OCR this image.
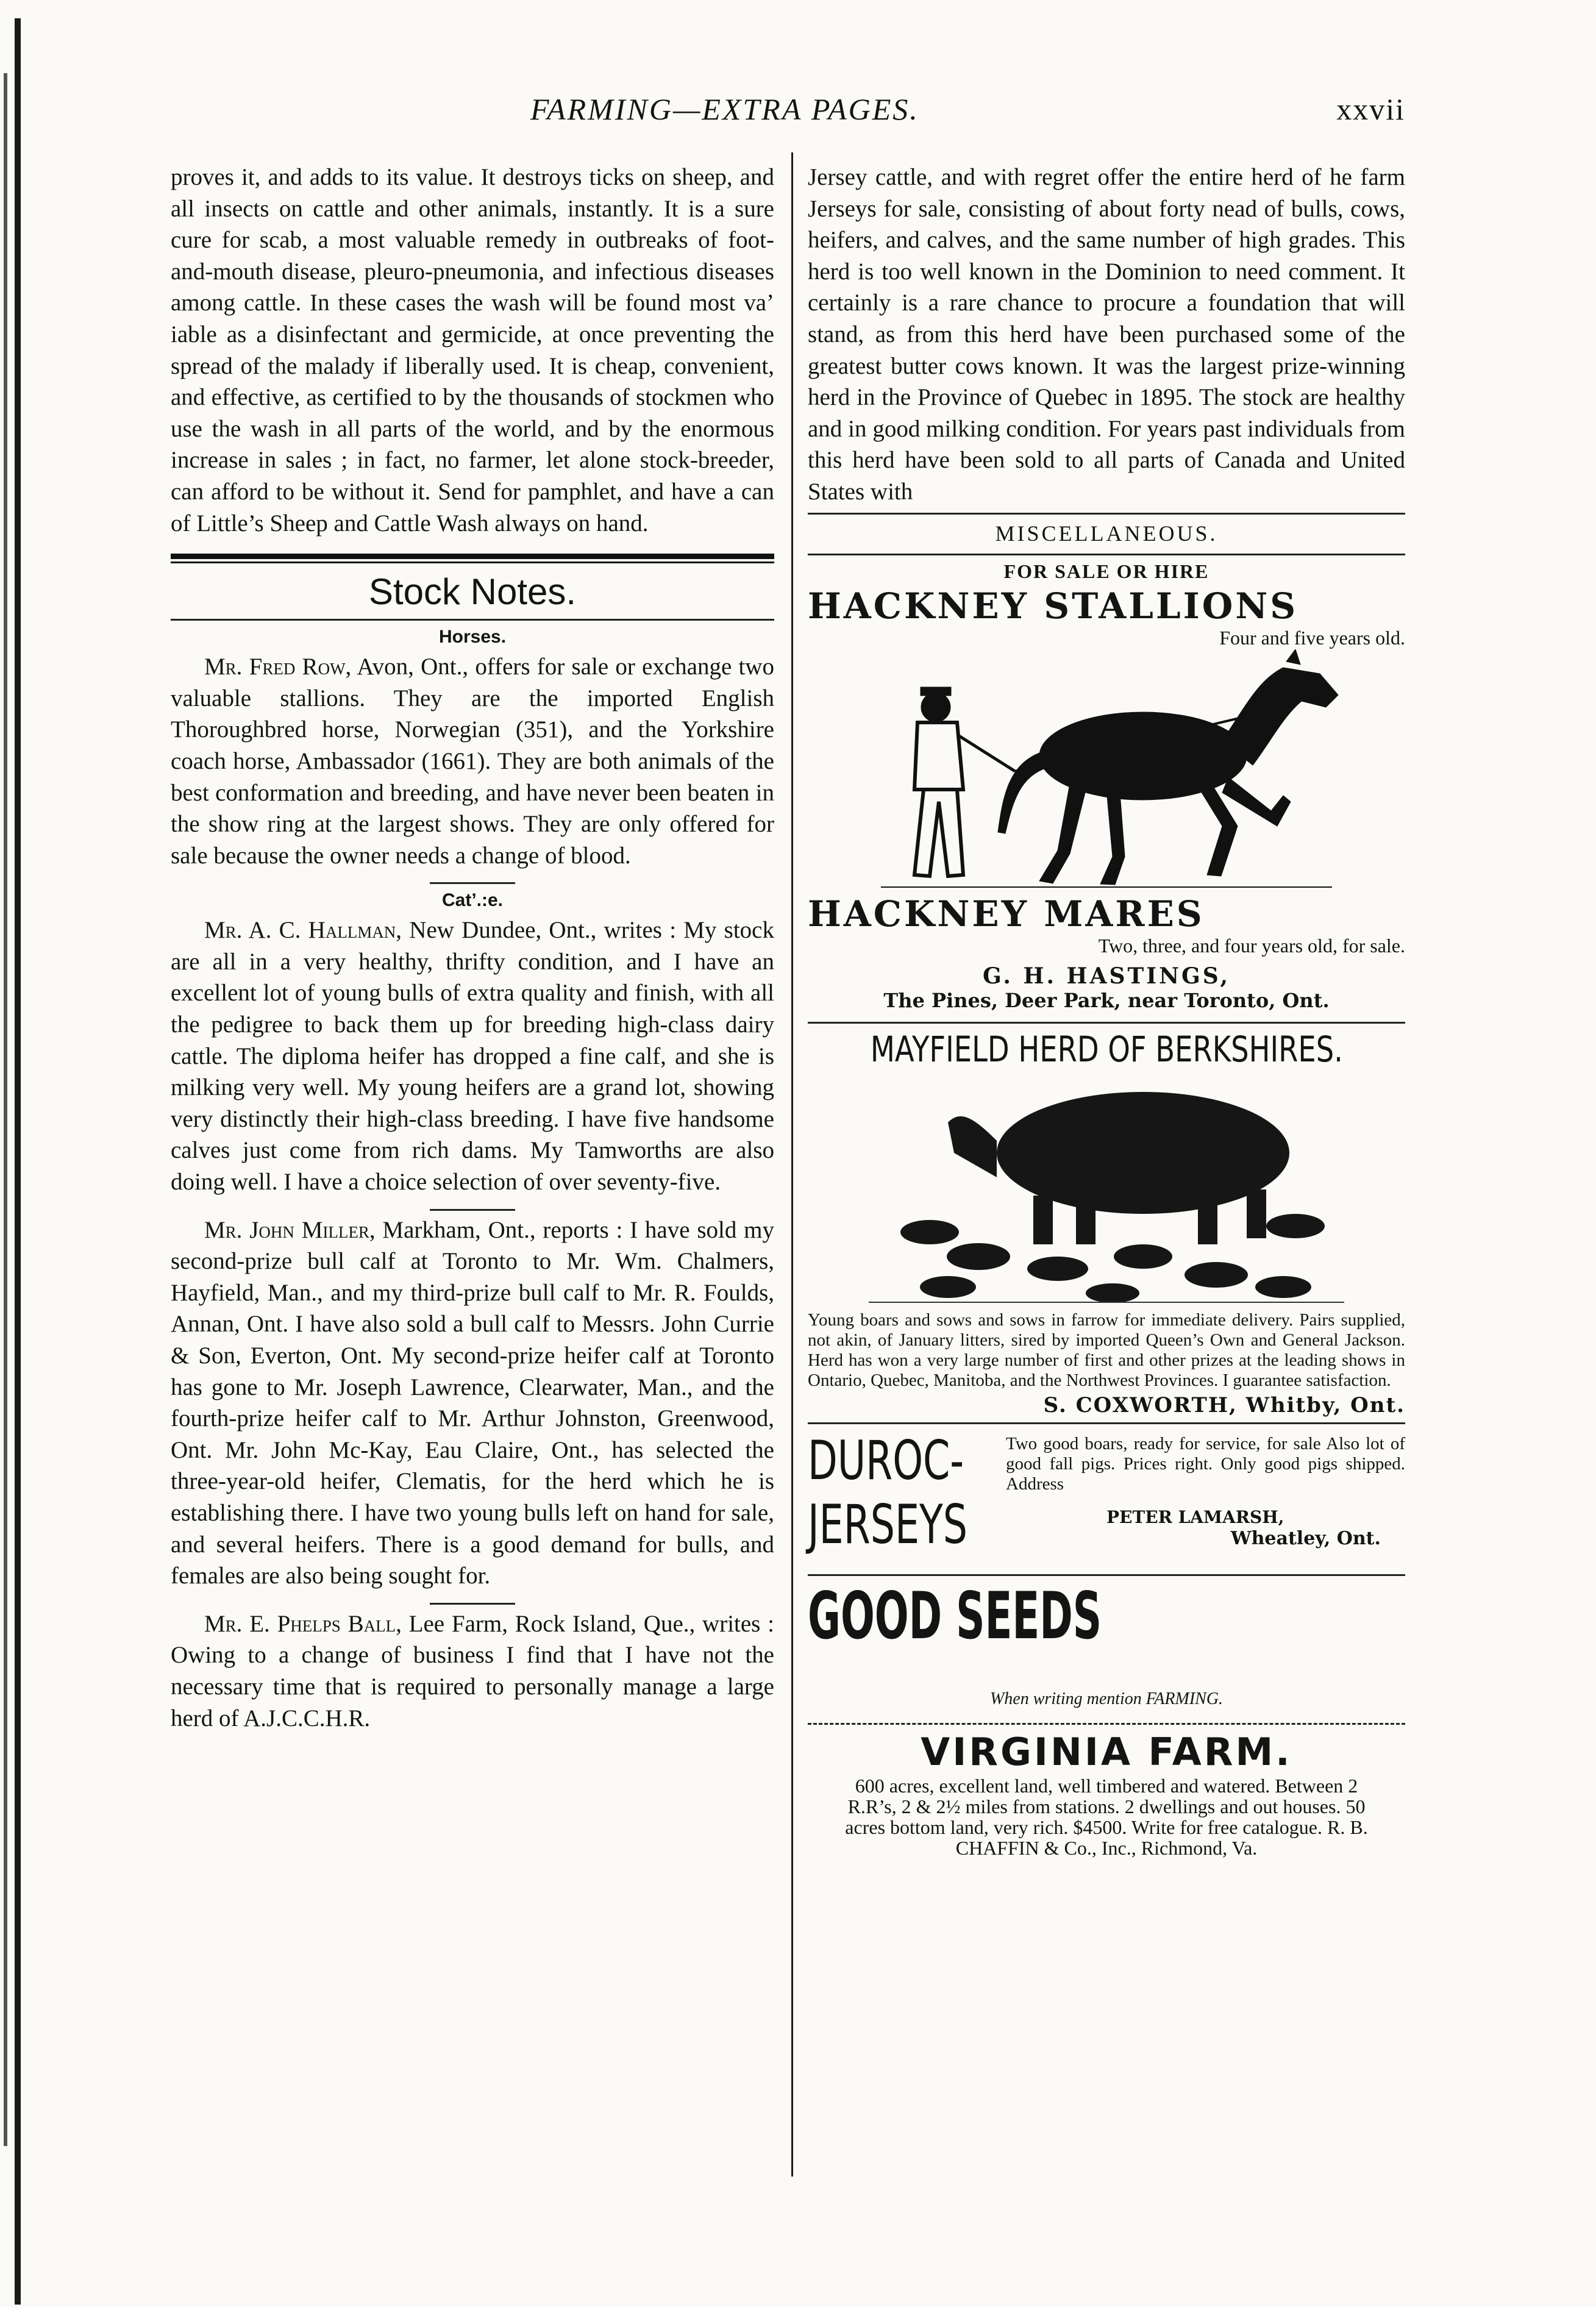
FARMING—EXTRA PAGES.	xxvii

proves it, and adds to its value. It destroys ticks on sheep, and all insects on cattle and other animals, instantly. It is a sure cure for scab, a most valuable remedy in outbreaks of foot-and-mouth disease, pleuro-pneumonia, and infectious diseases among cattle. In these cases the wash will be found most va’ iable as a disinfectant and germicide, at once preventing the spread of the malady if liberally used. It is cheap, convenient, and effective, as certified to by the thousands of stockmen who use the wash in all parts of the world, and by the enormous increase in sales ; in fact, no farmer, let alone stock-breeder, can afford to be without it. Send for pamphlet, and have a can of Little’s Sheep and Cattle Wash always on hand.

Stock Notes.
Horses.

Mr. Fred Row, Avon, Ont., offers for sale or exchange two valuable stallions. They are the imported English Thoroughbred horse, Norwegian (351), and the Yorkshire coach horse, Ambassador (1661). They are both animals of the best conformation and breeding, and have never been beaten in the show ring at the largest shows. They are only offered for sale because the owner needs a change of blood.

Cat’.:e.

Mr. A. C. Hallman, New Dundee, Ont., writes : My stock are all in a very healthy, thrifty condition, and I have an excellent lot of young bulls of extra quality and finish, with all the pedigree to back them up for breeding high-class dairy cattle. The diploma heifer has dropped a fine calf, and she is milking very well. My young heifers are a grand lot, showing very distinctly their high-class breeding. I have five handsome calves just come from rich dams. My Tamworths are also doing well. I have a choice selection of over seventy-five.

Mr. John Miller, Markham, Ont., reports : I have sold my second-prize bull calf at Toronto to Mr. Wm. Chalmers, Hayfield, Man., and my third-prize bull calf to Mr. R. Foulds, Annan, Ont. I have also sold a bull calf to Messrs. John Currie & Son, Everton, Ont. My second-prize heifer calf at Toronto has gone to Mr. Joseph Lawrence, Clearwater, Man., and the fourth-prize heifer calf to Mr. Arthur Johnston, Greenwood, Ont. Mr. John Mc-Kay, Eau Claire, Ont., has selected the three-year-old heifer, Clematis, for the herd which he is establishing there. I have two young bulls left on hand for sale, and several heifers. There is a good demand for bulls, and females are also being sought for.

Mr. E. Phelps Ball, Lee Farm, Rock Island, Que., writes : Owing to a change of business I find that I have not the necessary time that is required to personally manage a large herd of A.J.C.C.H.R.

Jersey cattle, and with regret offer the entire herd of he farm Jerseys for sale, consisting of about forty nead of bulls, cows, heifers, and calves, and the same number of high grades. This herd is too well known in the Dominion to need comment. It certainly is a rare chance to procure a foundation that will stand, as from this herd have been purchased some of the greatest butter cows known. It was the largest prize-winning herd in the Province of Quebec in 1895. The stock are healthy and in good milking condition. For years past individuals from this herd have been sold to all parts of Canada and United States with

MISCELLANEOUS.
FOR SALE OR HIRE
HACKNEY STALLIONS
Four and five years old.
HACKNEY MARES
Two, three, and four years old, for sale.
G. H. HASTINGS,
The Pines, Deer Park, near Toronto, Ont.
MAYFIELD HERD OF BERKSHIRES.

Young boars and sows and sows in farrow for immediate delivery. Pairs supplied, not akin, of January litters, sired by imported Queen’s Own and General Jackson. Herd has won a very large number of first and other prizes at the leading shows in Ontario, Quebec, Manitoba, and the Northwest Provinces. I guarantee satisfaction.

S. COXWORTH, Whitby, Ont.
DUROC-
JERSEYS

Two good boars, ready for service, for sale Also lot of good fall pigs. Prices right. Only good pigs shipped. Address

PETER LAMARSH,
Wheatley, Ont.
GOOD SEEDS

When writing mention FARMING.
VIRGINIA FARM.

600 acres, excellent land, well timbered and watered. Between 2 R.R’s, 2 & 2½ miles from stations. 2 dwellings and out houses. 50 acres bottom land, very rich. $4500. Write for free catalogue. R. B. CHAFFIN & Co., Inc., Richmond, Va.
